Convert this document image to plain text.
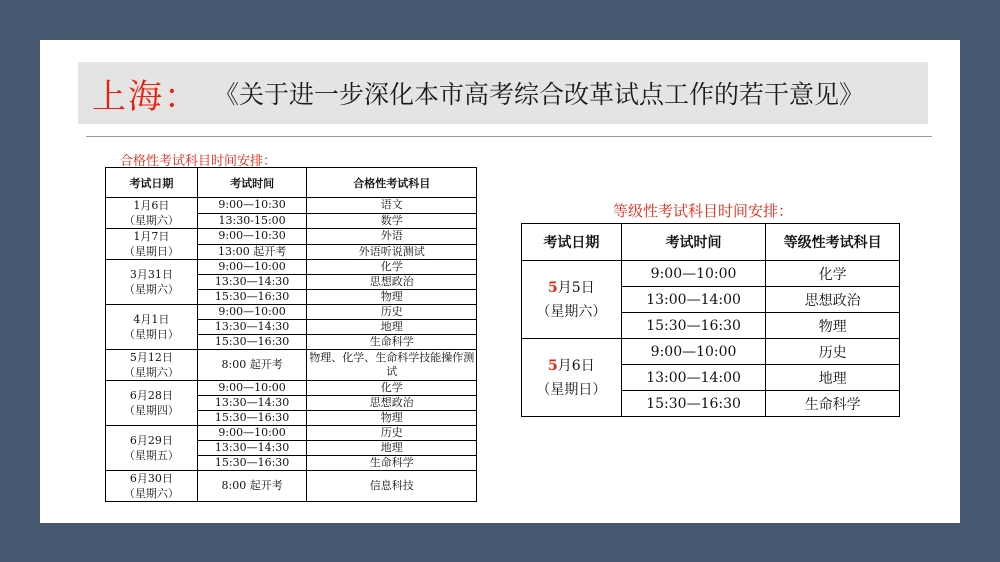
上海： 《关于进一步深化本市高考综合改革试点工作的若干意见》
合格性考试科目时间安排：
考试日期	考试时间	合格性考试科目

1月6日
（星期六）	9:00—10:30	语文
	13:30-15:00	数学

1月7日
（星期日）	9:00—10:30	外语
	13:00 起开考	外语听说测试

3月31日
（星期六）	9:00—10:00	化学
	13:30—14:30	思想政治
	15:30—16:30	物理

4月1日
（星期日）	9:00—10:00	历史
	13:30—14:30	地理
	15:30—16:30	生命科学

5月12日
（星期六）	8:00 起开考	物理、化学、生命科学技能操作测试

6月28日
（星期四）	9:00—10:00	化学
	13:30—14:30	思想政治
	15:30—16:30	物理

6月29日
（星期五）	9:00—10:00	历史
	13:30—14:30	地理
	15:30—16:30	生命科学

6月30日
（星期六）	8:00 起开考	信息科技
等级性考试科目时间安排：
考试日期	考试时间	等级性考试科目

5月5日
（星期六）	9:00—10:00	化学
	13:00—14:00	思想政治
	15:30—16:30	物理

5月6日
（星期日）	9:00—10:00	历史
	13:00—14:00	地理
	15:30—16:30	生命科学
